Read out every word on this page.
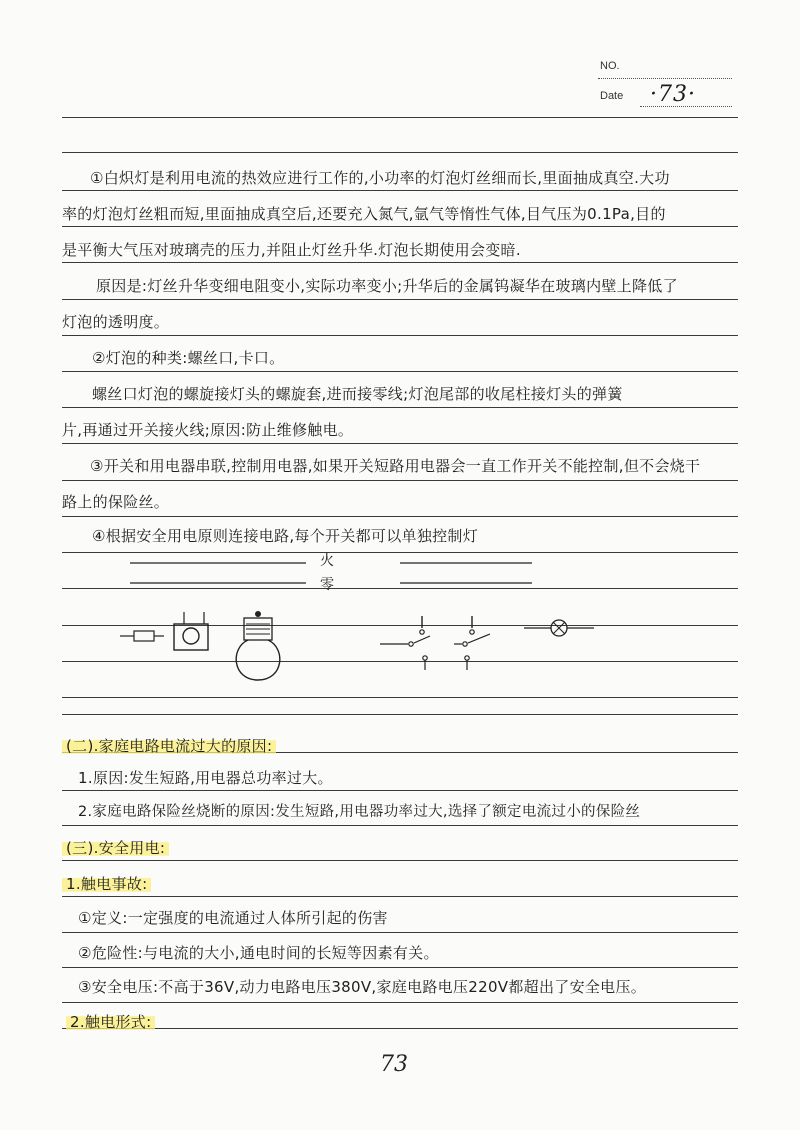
NO.
Date ·73·
①白炽灯是利用电流的热效应进行工作的,小功率的灯泡灯丝细而长,里面抽成真空.大功
率的灯泡灯丝粗而短,里面抽成真空后,还要充入氮气,氩气等惰性气体,目气压为0.1Pa,目的
是平衡大气压对玻璃壳的压力,并阻止灯丝升华.灯泡长期使用会变暗.
原因是:灯丝升华变细电阻变小,实际功率变小;升华后的金属钨凝华在玻璃内壁上降低了
灯泡的透明度。
②灯泡的种类:螺丝口,卡口。
螺丝口灯泡的螺旋接灯头的螺旋套,进而接零线;灯泡尾部的收尾柱接灯头的弹簧
片,再通过开关接火线;原因:防止维修触电。
③开关和用电器串联,控制用电器,如果开关短路用电器会一直工作开关不能控制,但不会烧干
路上的保险丝。
④根据安全用电原则连接电路,每个开关都可以单独控制灯
火
零
(二).家庭电路电流过大的原因:
1.原因:发生短路,用电器总功率过大。
2.家庭电路保险丝烧断的原因:发生短路,用电器功率过大,选择了额定电流过小的保险丝
(三).安全用电:
1.触电事故:
①定义:一定强度的电流通过人体所引起的伤害
②危险性:与电流的大小,通电时间的长短等因素有关。
③安全电压:不高于36V,动力电路电压380V,家庭电路电压220V都超出了安全电压。
2.触电形式:
73
